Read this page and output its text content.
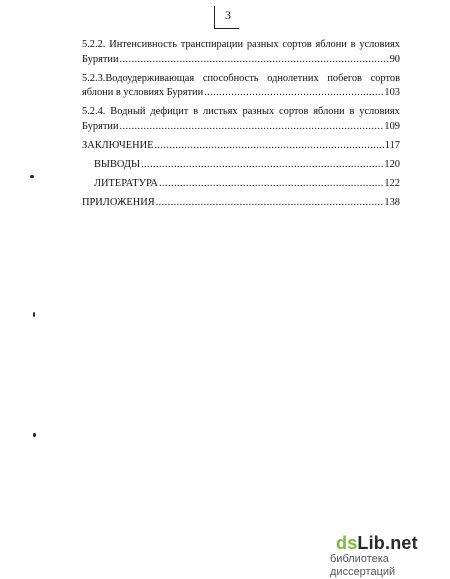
3
5.2.2. Интенсивность транспирации разных сортов яблони в условиях
Бурятии .....	90
5.2.3.Водоудерживающая способность однолетних побегов сортов
яблони в условиях Бурятии .....	103
5.2.4. Водный дефицит в листьях разных сортов яблони в условиях
Бурятии .....	109
ЗАКЛЮЧЕНИЕ .....	117
ВЫВОДЫ .....	120
ЛИТЕРАТУРА .....	122
ПРИЛОЖЕНИЯ .....	138
dsLib.net
библиотека диссертаций
